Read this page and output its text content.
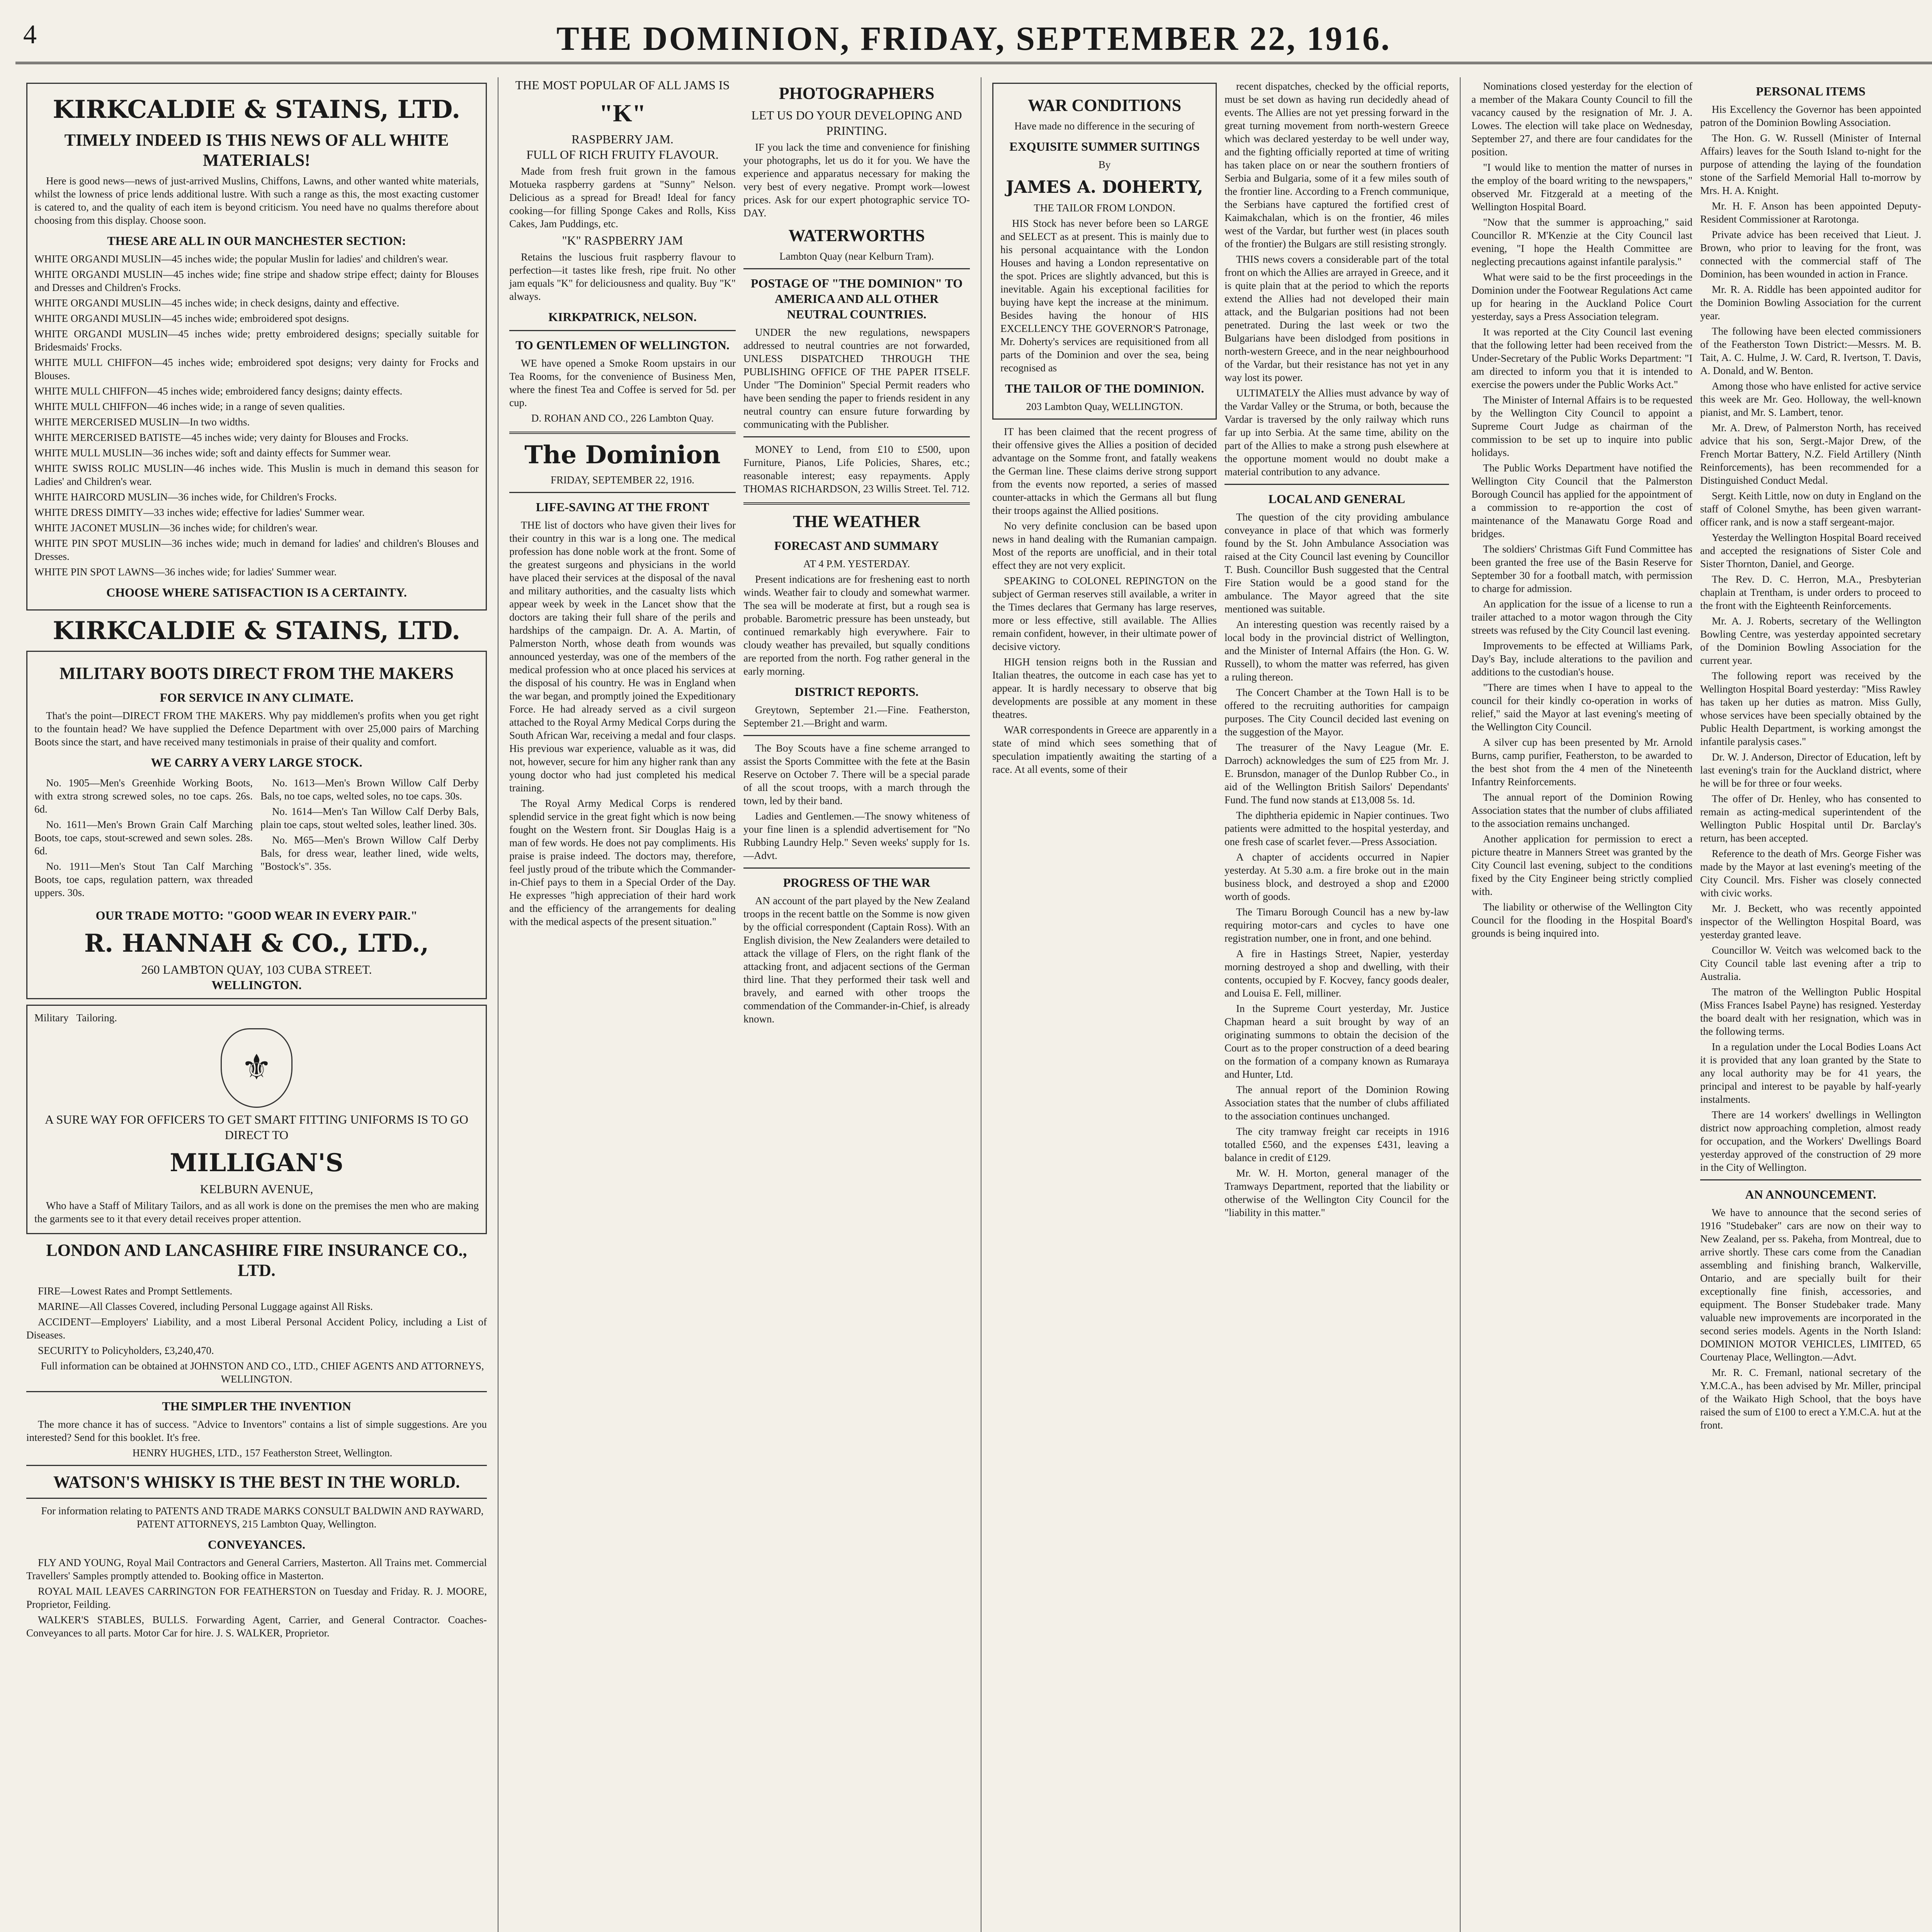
4	THE DOMINION, FRIDAY, SEPTEMBER 22, 1916.
KIRKCALDIE & STAINS, LTD.
TIMELY INDEED IS THIS NEWS OF ALL WHITE MATERIALS!

Here is good news—news of just-arrived Muslins, Chiffons, Lawns, and other wanted white materials, whilst the lowness of price lends additional lustre. With such a range as this, the most exacting customer is catered to, and the quality of each item is beyond criticism. You need have no qualms therefore about choosing from this display. Choose soon.

THESE ARE ALL IN OUR MANCHESTER SECTION:
WHITE ORGANDI MUSLIN—45 inches wide; the popular Muslin for ladies' and children's wear.
WHITE ORGANDI MUSLIN—45 inches wide; fine stripe and shadow stripe effect; dainty for Blouses and Dresses and Children's Frocks.
WHITE ORGANDI MUSLIN—45 inches wide; in check designs, dainty and effective.
WHITE ORGANDI MUSLIN—45 inches wide; embroidered spot designs.
WHITE ORGANDI MUSLIN—45 inches wide; pretty embroidered designs; specially suitable for Bridesmaids' Frocks.
WHITE MULL CHIFFON—45 inches wide; embroidered spot designs; very dainty for Frocks and Blouses.
WHITE MULL CHIFFON—45 inches wide; embroidered fancy designs; dainty effects.
WHITE MULL CHIFFON—46 inches wide; in a range of seven qualities.
WHITE MERCERISED MUSLIN—In two widths.
WHITE MERCERISED BATISTE—45 inches wide; very dainty for Blouses and Frocks.
WHITE MULL MUSLIN—36 inches wide; soft and dainty effects for Summer wear.
WHITE SWISS ROLIC MUSLIN—46 inches wide. This Muslin is much in demand this season for Ladies' and Children's wear.
WHITE HAIRCORD MUSLIN—36 inches wide, for Children's Frocks.
WHITE DRESS DIMITY—33 inches wide; effective for ladies' Summer wear.
WHITE JACONET MUSLIN—36 inches wide; for children's wear.
WHITE PIN SPOT MUSLIN—36 inches wide; much in demand for ladies' and children's Blouses and Dresses.
WHITE PIN SPOT LAWNS—36 inches wide; for ladies' Summer wear.
CHOOSE WHERE SATISFACTION IS A CERTAINTY.
KIRKCALDIE & STAINS, LTD.
MILITARY BOOTS DIRECT FROM THE MAKERS
FOR SERVICE IN ANY CLIMATE.

That's the point—DIRECT FROM THE MAKERS. Why pay middlemen's profits when you get right to the fountain head? We have supplied the Defence Department with over 25,000 pairs of Marching Boots since the start, and have received many testimonials in praise of their quality and comfort.

WE CARRY A VERY LARGE STOCK.

No. 1905—Men's Greenhide Working Boots, with extra strong screwed soles, no toe caps. 26s. 6d.

No. 1611—Men's Brown Grain Calf Marching Boots, toe caps, stout-screwed and sewn soles. 28s. 6d.

No. 1911—Men's Stout Tan Calf Marching Boots, toe caps, regulation pattern, wax threaded uppers. 30s.

No. 1613—Men's Brown Willow Calf Derby Bals, no toe caps, welted soles, no toe caps. 30s.

No. 1614—Men's Tan Willow Calf Derby Bals, plain toe caps, stout welted soles, leather lined. 30s.

No. M65—Men's Brown Willow Calf Derby Bals, for dress wear, leather lined, wide welts, "Bostock's". 35s.

OUR TRADE MOTTO: "GOOD WEAR IN EVERY PAIR."
R. HANNAH & CO., LTD.,
260 LAMBTON QUAY, 103 CUBA STREET.
WELLINGTON.
Military Tailoring.
⚜
A SURE WAY FOR OFFICERS TO GET SMART FITTING UNIFORMS IS TO GO DIRECT TO
MILLIGAN'S
KELBURN AVENUE,

Who have a Staff of Military Tailors, and as all work is done on the premises the men who are making the garments see to it that every detail receives proper attention.

LONDON AND LANCASHIRE FIRE INSURANCE CO., LTD.

FIRE—Lowest Rates and Prompt Settlements.

MARINE—All Classes Covered, including Personal Luggage against All Risks.

ACCIDENT—Employers' Liability, and a most Liberal Personal Accident Policy, including a List of Diseases.

SECURITY to Policyholders, £3,240,470.

Full information can be obtained at JOHNSTON AND CO., LTD., CHIEF AGENTS AND ATTORNEYS, WELLINGTON.

THE SIMPLER THE INVENTION

The more chance it has of success. "Advice to Inventors" contains a list of simple suggestions. Are you interested? Send for this booklet. It's free.

HENRY HUGHES, LTD., 157 Featherston Street, Wellington.

WATSON'S WHISKY IS THE BEST IN THE WORLD.

For information relating to PATENTS AND TRADE MARKS CONSULT BALDWIN AND RAYWARD, PATENT ATTORNEYS, 215 Lambton Quay, Wellington.

CONVEYANCES.

FLY AND YOUNG, Royal Mail Contractors and General Carriers, Masterton. All Trains met. Commercial Travellers' Samples promptly attended to. Booking office in Masterton.

ROYAL MAIL LEAVES CARRINGTON FOR FEATHERSTON on Tuesday and Friday. R. J. MOORE, Proprietor, Feilding.

WALKER'S STABLES, BULLS. Forwarding Agent, Carrier, and General Contractor. Coaches-Conveyances to all parts. Motor Car for hire. J. S. WALKER, Proprietor.

THE MOST POPULAR OF ALL JAMS IS
"K"
RASPBERRY JAM.
FULL OF RICH FRUITY FLAVOUR.

Made from fresh fruit grown in the famous Motueka raspberry gardens at "Sunny" Nelson. Delicious as a spread for Bread! Ideal for fancy cooking—for filling Sponge Cakes and Rolls, Kiss Cakes, Jam Puddings, etc.

"K" RASPBERRY JAM

Retains the luscious fruit raspberry flavour to perfection—it tastes like fresh, ripe fruit. No other jam equals "K" for deliciousness and quality. Buy "K" always.

KIRKPATRICK, NELSON.
TO GENTLEMEN OF WELLINGTON.

WE have opened a Smoke Room upstairs in our Tea Rooms, for the convenience of Business Men, where the finest Tea and Coffee is served for 5d. per cup.

D. ROHAN AND CO., 226 Lambton Quay.
The Dominion
FRIDAY, SEPTEMBER 22, 1916.
LIFE-SAVING AT THE FRONT

THE list of doctors who have given their lives for their country in this war is a long one. The medical profession has done noble work at the front. Some of the greatest surgeons and physicians in the world have placed their services at the disposal of the naval and military authorities, and the casualty lists which appear week by week in the Lancet show that the doctors are taking their full share of the perils and hardships of the campaign. Dr. A. A. Martin, of Palmerston North, whose death from wounds was announced yesterday, was one of the members of the medical profession who at once placed his services at the disposal of his country. He was in England when the war began, and promptly joined the Expeditionary Force. He had already served as a civil surgeon attached to the Royal Army Medical Corps during the South African War, receiving a medal and four clasps. His previous war experience, valuable as it was, did not, however, secure for him any higher rank than any young doctor who had just completed his medical training.

The Royal Army Medical Corps is rendered splendid service in the great fight which is now being fought on the Western front. Sir Douglas Haig is a man of few words. He does not pay compliments. His praise is praise indeed. The doctors may, therefore, feel justly proud of the tribute which the Commander-in-Chief pays to them in a Special Order of the Day. He expresses "high appreciation of their hard work and the efficiency of the arrangements for dealing with the medical aspects of the present situation."

PHOTOGRAPHERS
LET US DO YOUR DEVELOPING AND PRINTING.

IF you lack the time and convenience for finishing your photographs, let us do it for you. We have the experience and apparatus necessary for making the very best of every negative. Prompt work—lowest prices. Ask for our expert photographic service TO-DAY.

WATERWORTHS
Lambton Quay (near Kelburn Tram).
POSTAGE OF "THE DOMINION" TO AMERICA AND ALL OTHER NEUTRAL COUNTRIES.

UNDER the new regulations, newspapers addressed to neutral countries are not forwarded, UNLESS DISPATCHED THROUGH THE PUBLISHING OFFICE OF THE PAPER ITSELF. Under "The Dominion" Special Permit readers who have been sending the paper to friends resident in any neutral country can ensure future forwarding by communicating with the Publisher.

MONEY to Lend, from £10 to £500, upon Furniture, Pianos, Life Policies, Shares, etc.; reasonable interest; easy repayments. Apply THOMAS RICHARDSON, 23 Willis Street. Tel. 712.

THE WEATHER
FORECAST AND SUMMARY
AT 4 P.M. YESTERDAY.

Present indications are for freshening east to north winds. Weather fair to cloudy and somewhat warmer. The sea will be moderate at first, but a rough sea is probable. Barometric pressure has been unsteady, but continued remarkably high everywhere. Fair to cloudy weather has prevailed, but squally conditions are reported from the north. Fog rather general in the early morning.

DISTRICT REPORTS.

Greytown, September 21.—Fine. Featherston, September 21.—Bright and warm.

The Boy Scouts have a fine scheme arranged to assist the Sports Committee with the fete at the Basin Reserve on October 7. There will be a special parade of all the scout troops, with a march through the town, led by their band.

Ladies and Gentlemen.—The snowy whiteness of your fine linen is a splendid advertisement for "No Rubbing Laundry Help." Seven weeks' supply for 1s.—Advt.

PROGRESS OF THE WAR

AN account of the part played by the New Zealand troops in the recent battle on the Somme is now given by the official correspondent (Captain Ross). With an English division, the New Zealanders were detailed to attack the village of Flers, on the right flank of the attacking front, and adjacent sections of the German third line. That they performed their task well and bravely, and earned with other troops the commendation of the Commander-in-Chief, is already known.

WAR CONDITIONS
Have made no difference in the securing of
EXQUISITE SUMMER SUITINGS
By
JAMES A. DOHERTY,
THE TAILOR FROM LONDON.

HIS Stock has never before been so LARGE and SELECT as at present. This is mainly due to his personal acquaintance with the London Houses and having a London representative on the spot. Prices are slightly advanced, but this is inevitable. Again his exceptional facilities for buying have kept the increase at the minimum. Besides having the honour of HIS EXCELLENCY THE GOVERNOR'S Patronage, Mr. Doherty's services are requisitioned from all parts of the Dominion and over the sea, being recognised as

THE TAILOR OF THE DOMINION.
203 Lambton Quay, WELLINGTON.

IT has been claimed that the recent progress of their offensive gives the Allies a position of decided advantage on the Somme front, and fatally weakens the German line. These claims derive strong support from the events now reported, a series of massed counter-attacks in which the Germans all but flung their troops against the Allied positions.

No very definite conclusion can be based upon news in hand dealing with the Rumanian campaign. Most of the reports are unofficial, and in their total effect they are not very explicit.

SPEAKING to COLONEL REPINGTON on the subject of German reserves still available, a writer in the Times declares that Germany has large reserves, more or less effective, still available. The Allies remain confident, however, in their ultimate power of decisive victory.

HIGH tension reigns both in the Russian and Italian theatres, the outcome in each case has yet to appear. It is hardly necessary to observe that big developments are possible at any moment in these theatres.

WAR correspondents in Greece are apparently in a state of mind which sees something that of speculation impatiently awaiting the starting of a race. At all events, some of their

recent dispatches, checked by the official reports, must be set down as having run decidedly ahead of events. The Allies are not yet pressing forward in the great turning movement from north-western Greece which was declared yesterday to be well under way, and the fighting officially reported at time of writing has taken place on or near the southern frontiers of Serbia and Bulgaria, some of it a few miles south of the frontier line. According to a French communique, the Serbians have captured the fortified crest of Kaimakchalan, which is on the frontier, 46 miles west of the Vardar, but further west (in places south of the frontier) the Bulgars are still resisting strongly.

THIS news covers a considerable part of the total front on which the Allies are arrayed in Greece, and it is quite plain that at the period to which the reports extend the Allies had not developed their main attack, and the Bulgarian positions had not been penetrated. During the last week or two the Bulgarians have been dislodged from positions in north-western Greece, and in the near neighbourhood of the Vardar, but their resistance has not yet in any way lost its power.

ULTIMATELY the Allies must advance by way of the Vardar Valley or the Struma, or both, because the Vardar is traversed by the only railway which runs far up into Serbia. At the same time, ability on the part of the Allies to make a strong push elsewhere at the opportune moment would no doubt make a material contribution to any advance.

LOCAL AND GENERAL

The question of the city providing ambulance conveyance in place of that which was formerly found by the St. John Ambulance Association was raised at the City Council last evening by Councillor T. Bush. Councillor Bush suggested that the Central Fire Station would be a good stand for the ambulance. The Mayor agreed that the site mentioned was suitable.

An interesting question was recently raised by a local body in the provincial district of Wellington, and the Minister of Internal Affairs (the Hon. G. W. Russell), to whom the matter was referred, has given a ruling thereon.

The Concert Chamber at the Town Hall is to be offered to the recruiting authorities for campaign purposes. The City Council decided last evening on the suggestion of the Mayor.

The treasurer of the Navy League (Mr. E. Darroch) acknowledges the sum of £25 from Mr. J. E. Brunsdon, manager of the Dunlop Rubber Co., in aid of the Wellington British Sailors' Dependants' Fund. The fund now stands at £13,008 5s. 1d.

The diphtheria epidemic in Napier continues. Two patients were admitted to the hospital yesterday, and one fresh case of scarlet fever.—Press Association.

A chapter of accidents occurred in Napier yesterday. At 5.30 a.m. a fire broke out in the main business block, and destroyed a shop and £2000 worth of goods.

The Timaru Borough Council has a new by-law requiring motor-cars and cycles to have one registration number, one in front, and one behind.

A fire in Hastings Street, Napier, yesterday morning destroyed a shop and dwelling, with their contents, occupied by F. Kocvey, fancy goods dealer, and Louisa E. Fell, milliner.

In the Supreme Court yesterday, Mr. Justice Chapman heard a suit brought by way of an originating summons to obtain the decision of the Court as to the proper construction of a deed bearing on the formation of a company known as Rumaraya and Hunter, Ltd.

The annual report of the Dominion Rowing Association states that the number of clubs affiliated to the association continues unchanged.

The city tramway freight car receipts in 1916 totalled £560, and the expenses £431, leaving a balance in credit of £129.

Mr. W. H. Morton, general manager of the Tramways Department, reported that the liability or otherwise of the Wellington City Council for the "liability in this matter."

Nominations closed yesterday for the election of a member of the Makara County Council to fill the vacancy caused by the resignation of Mr. J. A. Lowes. The election will take place on Wednesday, September 27, and there are four candidates for the position.

"I would like to mention the matter of nurses in the employ of the board writing to the newspapers," observed Mr. Fitzgerald at a meeting of the Wellington Hospital Board.

"Now that the summer is approaching," said Councillor R. M'Kenzie at the City Council last evening, "I hope the Health Committee are neglecting precautions against infantile paralysis."

What were said to be the first proceedings in the Dominion under the Footwear Regulations Act came up for hearing in the Auckland Police Court yesterday, says a Press Association telegram.

It was reported at the City Council last evening that the following letter had been received from the Under-Secretary of the Public Works Department: "I am directed to inform you that it is intended to exercise the powers under the Public Works Act."

The Minister of Internal Affairs is to be requested by the Wellington City Council to appoint a Supreme Court Judge as chairman of the commission to be set up to inquire into public holidays.

The Public Works Department have notified the Wellington City Council that the Palmerston Borough Council has applied for the appointment of a commission to re-apportion the cost of maintenance of the Manawatu Gorge Road and bridges.

The soldiers' Christmas Gift Fund Committee has been granted the free use of the Basin Reserve for September 30 for a football match, with permission to charge for admission.

An application for the issue of a license to run a trailer attached to a motor wagon through the City streets was refused by the City Council last evening.

Improvements to be effected at Williams Park, Day's Bay, include alterations to the pavilion and additions to the custodian's house.

"There are times when I have to appeal to the council for their kindly co-operation in works of relief," said the Mayor at last evening's meeting of the Wellington City Council.

A silver cup has been presented by Mr. Arnold Burns, camp purifier, Featherston, to be awarded to the best shot from the 4 men of the Nineteenth Infantry Reinforcements.

The annual report of the Dominion Rowing Association states that the number of clubs affiliated to the association remains unchanged.

Another application for permission to erect a picture theatre in Manners Street was granted by the City Council last evening, subject to the conditions fixed by the City Engineer being strictly complied with.

The liability or otherwise of the Wellington City Council for the flooding in the Hospital Board's grounds is being inquired into.

PERSONAL ITEMS

His Excellency the Governor has been appointed patron of the Dominion Bowling Association.

The Hon. G. W. Russell (Minister of Internal Affairs) leaves for the South Island to-night for the purpose of attending the laying of the foundation stone of the Sarfield Memorial Hall to-morrow by Mrs. H. A. Knight.

Mr. H. F. Anson has been appointed Deputy-Resident Commissioner at Rarotonga.

Private advice has been received that Lieut. J. Brown, who prior to leaving for the front, was connected with the commercial staff of The Dominion, has been wounded in action in France.

Mr. R. A. Riddle has been appointed auditor for the Dominion Bowling Association for the current year.

The following have been elected commissioners of the Featherston Town District:—Messrs. M. B. Tait, A. C. Hulme, J. W. Card, R. Ivertson, T. Davis, A. Donald, and W. Benton.

Among those who have enlisted for active service this week are Mr. Geo. Holloway, the well-known pianist, and Mr. S. Lambert, tenor.

Mr. A. Drew, of Palmerston North, has received advice that his son, Sergt.-Major Drew, of the French Mortar Battery, N.Z. Field Artillery (Ninth Reinforcements), has been recommended for a Distinguished Conduct Medal.

Sergt. Keith Little, now on duty in England on the staff of Colonel Smythe, has been given warrant-officer rank, and is now a staff sergeant-major.

Yesterday the Wellington Hospital Board received and accepted the resignations of Sister Cole and Sister Thornton, Daniel, and George.

The Rev. D. C. Herron, M.A., Presbyterian chaplain at Trentham, is under orders to proceed to the front with the Eighteenth Reinforcements.

Mr. A. J. Roberts, secretary of the Wellington Bowling Centre, was yesterday appointed secretary of the Dominion Bowling Association for the current year.

The following report was received by the Wellington Hospital Board yesterday: "Miss Rawley has taken up her duties as matron. Miss Gully, whose services have been specially obtained by the Public Health Department, is working amongst the infantile paralysis cases."

Dr. W. J. Anderson, Director of Education, left by last evening's train for the Auckland district, where he will be for three or four weeks.

The offer of Dr. Henley, who has consented to remain as acting-medical superintendent of the Wellington Public Hospital until Dr. Barclay's return, has been accepted.

Reference to the death of Mrs. George Fisher was made by the Mayor at last evening's meeting of the City Council. Mrs. Fisher was closely connected with civic works.

Mr. J. Beckett, who was recently appointed inspector of the Wellington Hospital Board, was yesterday granted leave.

Councillor W. Veitch was welcomed back to the City Council table last evening after a trip to Australia.

The matron of the Wellington Public Hospital (Miss Frances Isabel Payne) has resigned. Yesterday the board dealt with her resignation, which was in the following terms.

In a regulation under the Local Bodies Loans Act it is provided that any loan granted by the State to any local authority may be for 41 years, the principal and interest to be payable by half-yearly instalments.

There are 14 workers' dwellings in Wellington district now approaching completion, almost ready for occupation, and the Workers' Dwellings Board yesterday approved of the construction of 29 more in the City of Wellington.

AN ANNOUNCEMENT.

We have to announce that the second series of 1916 "Studebaker" cars are now on their way to New Zealand, per ss. Pakeha, from Montreal, due to arrive shortly. These cars come from the Canadian assembling and finishing branch, Walkerville, Ontario, and are specially built for their exceptionally fine finish, accessories, and equipment. The Bonser Studebaker trade. Many valuable new improvements are incorporated in the second series models. Agents in the North Island: DOMINION MOTOR VEHICLES, LIMITED, 65 Courtenay Place, Wellington.—Advt.

Mr. R. C. Fremanl, national secretary of the Y.M.C.A., has been advised by Mr. Miller, principal of the Waikato High School, that the boys have raised the sum of £100 to erect a Y.M.C.A. hut at the front.
